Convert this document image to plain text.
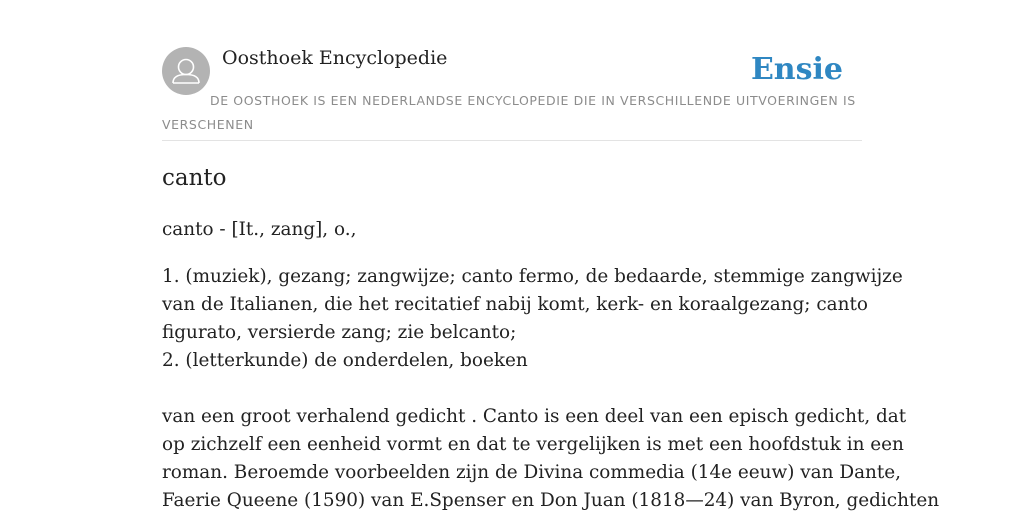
Oosthoek Encyclopedie	Ensie
DE OOSTHOEK IS EEN NEDERLANDSE ENCYCLOPEDIE DIE IN VERSCHILLENDE UITVOERINGEN IS VERSCHENEN
canto

canto - [It., zang], o.,

1. (muziek), gezang; zangwijze; canto fermo, de bedaarde, stemmige zangwijze
van de Italianen, die het recitatief nabij komt, kerk- en koraalgezang; canto
figurato, versierde zang; zie belcanto;
2. (letterkunde) de onderdelen, boeken
van een groot verhalend gedicht . Canto is een deel van een episch gedicht, dat
op zichzelf een eenheid vormt en dat te vergelijken is met een hoofdstuk in een
roman. Beroemde voorbeelden zijn de Divina commedia (14e eeuw) van Dante,
Faerie Queene (1590) van E.Spenser en Don Juan (1818—24) van Byron, gedichten
